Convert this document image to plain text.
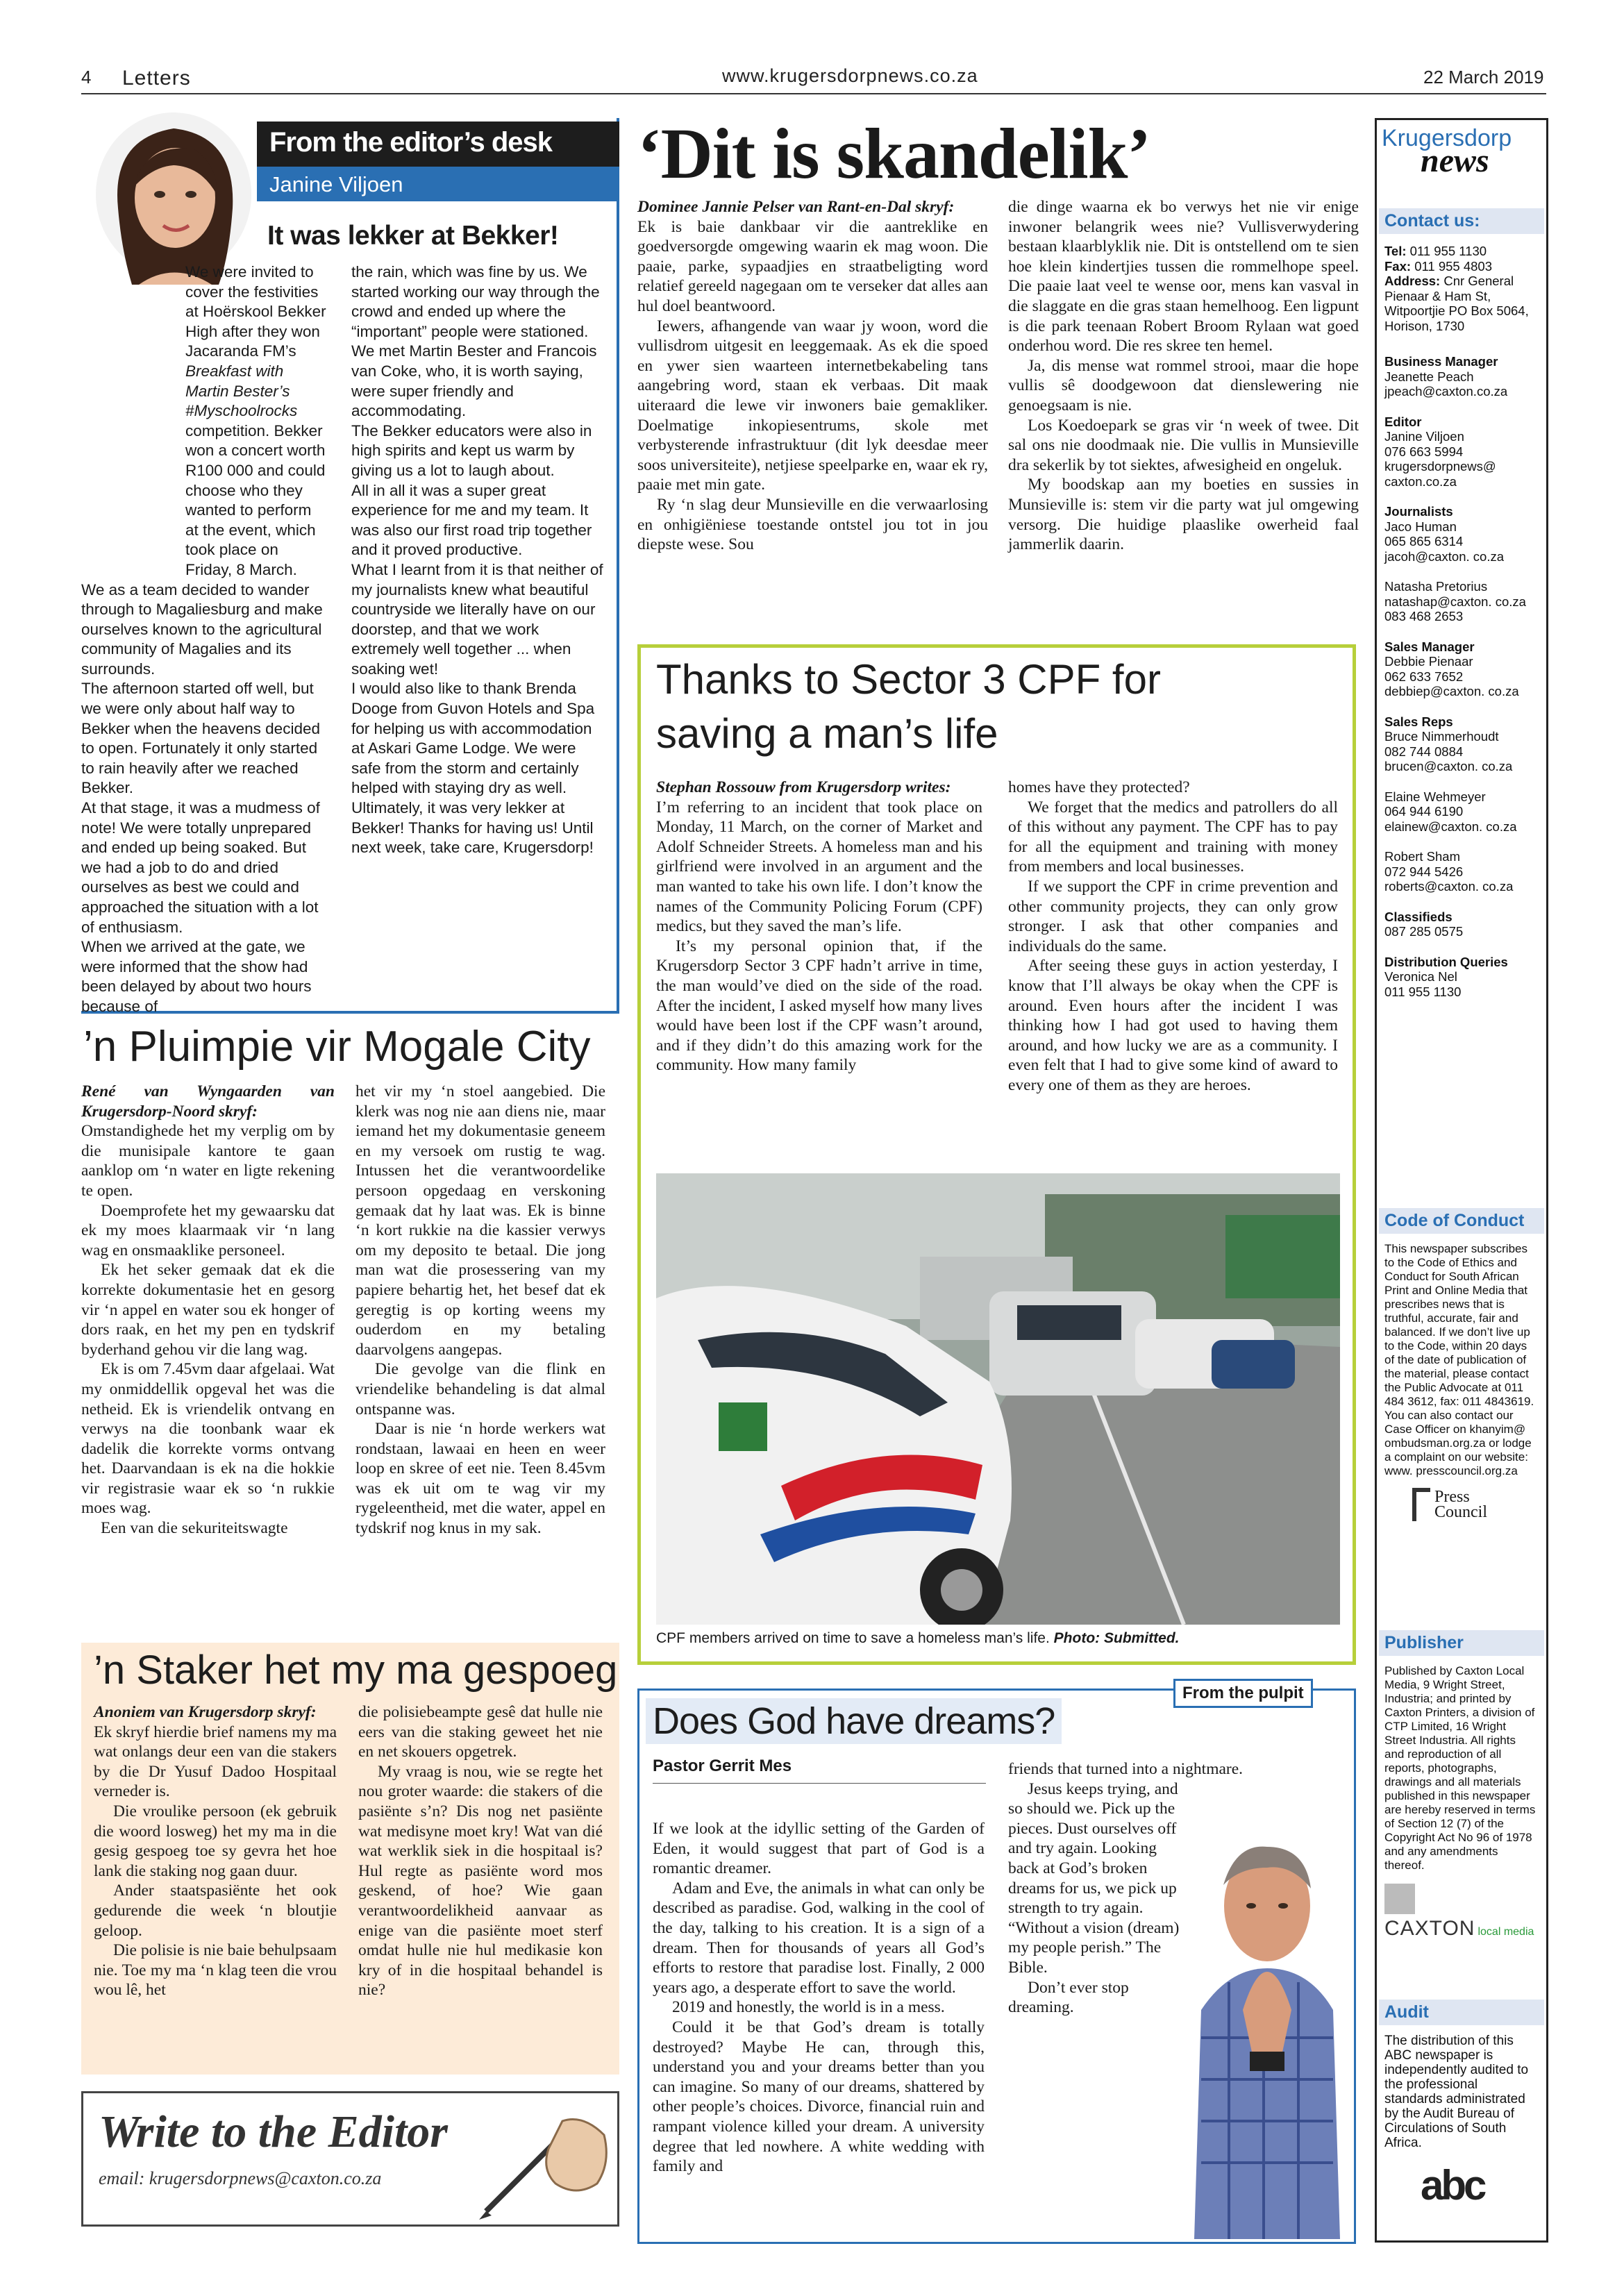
4 Letters	www.krugersdorpnews.co.za	22 March 2019
From the editor’s desk
Janine Viljoen
It was lekker at Bekker!

We were invited to cover the festivities at Hoërskool Bekker High after they won Jacaranda FM’s Breakfast with Martin Bester’s #Myschoolrocks competition. Bekker won a concert worth R100 000 and could choose who they wanted to perform at the event, which took place on Friday, 8 March.

We as a team decided to wander through to Magaliesburg and make ourselves known to the agricultural community of Magalies and its surrounds.

The afternoon started off well, but we were only about half way to Bekker when the heavens decided to open. Fortunately it only started to rain heavily after we reached Bekker.

At that stage, it was a mudmess of note! We were totally unprepared and ended up being soaked. But we had a job to do and dried ourselves as best we could and approached the situation with a lot of enthusiasm.

When we arrived at the gate, we were informed that the show had been delayed by about two hours because of

the rain, which was fine by us. We started working our way through the crowd and ended up where the “important” people were stationed. We met Martin Bester and Francois van Coke, who, it is worth saying, were super friendly and accommodating.

The Bekker educators were also in high spirits and kept us warm by giving us a lot to laugh about.

All in all it was a super great experience for me and my team. It was also our first road trip together and it proved productive.

What I learnt from it is that neither of my journalists knew what beautiful countryside we literally have on our doorstep, and that we work extremely well together ... when soaking wet!

I would also like to thank Brenda Dooge from Guvon Hotels and Spa for helping us with accommodation at Askari Game Lodge. We were safe from the storm and certainly helped with staying dry as well.

Ultimately, it was very lekker at Bekker! Thanks for having us! Until next week, take care, Krugersdorp!

‘Dit is skandelik’

Dominee Jannie Pelser van Rant-en-Dal skryf:

Ek is baie dankbaar vir die aantreklike en goedversorgde omgewing waarin ek mag woon. Die paaie, parke, sypaadjies en straatbeligting word relatief gereeld nagegaan om te verseker dat alles aan hul doel beantwoord.

Iewers, afhangende van waar jy woon, word die vullisdrom uitgesit en leeggemaak. As ek die spoed en ywer sien waarteen internetbekabeling tans aangebring word, staan ek verbaas. Dit maak uiteraard die lewe vir inwoners baie gemakliker. Doelmatige inkopiesentrums, skole met verbysterende infrastruktuur (dit lyk deesdae meer soos universiteite), netjiese speelparke en, waar ek ry, paaie met min gate.

Ry ‘n slag deur Munsieville en die verwaarlosing en onhigiëniese toestande ontstel jou tot in jou diepste wese. Sou

die dinge waarna ek bo verwys het nie vir enige inwoner belangrik wees nie? Vullisverwydering bestaan klaarblyklik nie. Dit is ontstellend om te sien hoe klein kindertjies tussen die rommelhope speel. Die paaie laat veel te wense oor, mens kan vasval in die slaggate en die gras staan hemelhoog. Een ligpunt is die park teenaan Robert Broom Rylaan wat goed onderhou word. Die res skree ten hemel.

Ja, dis mense wat rommel strooi, maar die hope vullis sê doodgewoon dat dienslewering nie genoegsaam is nie.

Los Koedoepark se gras vir ‘n week of twee. Dit sal ons nie doodmaak nie. Die vullis in Munsieville dra sekerlik by tot siektes, afwesigheid en ongeluk.

My boodskap aan my boeties en sussies in Munsieville is: stem vir die party wat jul omgewing versorg. Die huidige plaaslike owerheid faal jammerlik daarin.

Thanks to Sector 3 CPF for saving a man’s life

Stephan Rossouw from Krugersdorp writes:

I’m referring to an incident that took place on Monday, 11 March, on the corner of Market and Adolf Schneider Streets. A homeless man and his girlfriend were involved in an argument and the man wanted to take his own life. I don’t know the names of the Community Policing Forum (CPF) medics, but they saved the man’s life.

It’s my personal opinion that, if the Krugersdorp Sector 3 CPF hadn’t arrive in time, the man would’ve died on the side of the road. After the incident, I asked myself how many lives would have been lost if the CPF wasn’t around, and if they didn’t do this amazing work for the community. How many family

homes have they protected?

We forget that the medics and patrollers do all of this without any payment. The CPF has to pay for all the equipment and training with money from members and local businesses.

If we support the CPF in crime prevention and other community projects, they can only grow stronger. I ask that other companies and individuals do the same.

After seeing these guys in action yesterday, I know that I’ll always be okay when the CPF is around. Even hours after the incident I was thinking how I had got used to having them around, and how lucky we are as a community. I even felt that I had to give some kind of award to every one of them as they are heroes.

CPF members arrived on time to save a homeless man’s life. Photo: Submitted.
’n Pluimpie vir Mogale City

René van Wyngaarden van Krugersdorp-Noord skryf:

Omstandighede het my verplig om by die munisipale kantore te gaan aanklop om ‘n water en ligte rekening te open.

Doemprofete het my gewaarsku dat ek my moes klaarmaak vir ‘n lang wag en onsmaaklike personeel.

Ek het seker gemaak dat ek die korrekte dokumentasie het en gesorg vir ‘n appel en water sou ek honger of dors raak, en het my pen en tydskrif byderhand gehou vir die lang wag.

Ek is om 7.45vm daar afgelaai. Wat my onmiddellik opgeval het was die netheid. Ek is vriendelik ontvang en verwys na die toonbank waar ek dadelik die korrekte vorms ontvang het. Daarvandaan is ek na die hokkie vir registrasie waar ek so ‘n rukkie moes wag.

Een van die sekuriteitswagte

het vir my ‘n stoel aangebied. Die klerk was nog nie aan diens nie, maar iemand het my dokumentasie geneem en my versoek om rustig te wag. Intussen het die verantwoordelike persoon opgedaag en verskoning gemaak dat hy laat was. Ek is binne ‘n kort rukkie na die kassier verwys om my deposito te betaal. Die jong man wat die prosessering van my papiere behartig het, het besef dat ek geregtig is op korting weens my ouderdom en my betaling daarvolgens aangepas.

Die gevolge van die flink en vriendelike behandeling is dat almal ontspanne was.

Daar is nie ‘n horde werkers wat rondstaan, lawaai en heen en weer loop en skree of eet nie. Teen 8.45vm was ek uit om te wag vir my rygeleentheid, met die water, appel en tydskrif nog knus in my sak.

’n Staker het my ma gespoeg

Anoniem van Krugersdorp skryf:

Ek skryf hierdie brief namens my ma wat onlangs deur een van die stakers by die Dr Yusuf Dadoo Hospitaal verneder is.

Die vroulike persoon (ek gebruik die woord losweg) het my ma in die gesig gespoeg toe sy gevra het hoe lank die staking nog gaan duur.

Ander staatspasiënte het ook gedurende die week ‘n bloutjie geloop.

Die polisie is nie baie behulpsaam nie. Toe my ma ‘n klag teen die vrou wou lê, het

die polisiebeampte gesê dat hulle nie eers van die staking geweet het nie en net skouers opgetrek.

My vraag is nou, wie se regte het nou groter waarde: die stakers of die pasiënte s’n? Dis nog net pasiënte wat medisyne moet kry! Wat van dié wat werklik siek in die hospitaal is? Hul regte as pasiënte word mos geskend, of hoe? Wie gaan verantwoordelikheid aanvaar as enige van die pasiënte moet sterf omdat hulle nie hul medikasie kon kry of in die hospitaal behandel is nie?

Write to the Editor
email: krugersdorpnews@caxton.co.za
From the pulpit
Does God have dreams?
Pastor Gerrit Mes

If we look at the idyllic setting of the Garden of Eden, it would suggest that part of God is a romantic dreamer.

Adam and Eve, the animals in what can only be described as paradise. God, walking in the cool of the day, talking to his creation. It is a sign of a dream. Then for thousands of years all God’s efforts to restore that paradise lost. Finally, 2 000 years ago, a desperate effort to save the world.

2019 and honestly, the world is in a mess.

Could it be that God’s dream is totally destroyed? Maybe He can, through this, understand you and your dreams better than you can imagine. So many of our dreams, shattered by other people’s choices. Divorce, financial ruin and rampant violence killed your dream. A university degree that led nowhere. A white wedding with family and

friends that turned into a nightmare.

Jesus keeps trying, and so should we. Pick up the pieces. Dust ourselves off and try again. Looking back at God’s broken dreams for us, we pick up strength to try again. “Without a vision (dream) my people perish.” The Bible.

Don’t ever stop dreaming.

Krugersdorp
news
Contact us:

Tel: 011 955 1130

Fax: 011 955 4803

Address: Cnr General Pienaar & Ham St, Witpoortjie PO Box 5064, Horison, 1730

Business Manager

Jeanette Peach

jpeach@caxton.co.za

Editor

Janine Viljoen

076 663 5994

krugersdorpnews@ caxton.co.za

Journalists

Jaco Human

065 865 6314

jacoh@caxton. co.za

Natasha Pretorius

natashap@caxton. co.za

083 468 2653

Sales Manager

Debbie Pienaar

062 633 7652

debbiep@caxton. co.za

Sales Reps

Bruce Nimmerhoudt

082 744 0884

brucen@caxton. co.za

Elaine Wehmeyer

064 944 6190

elainew@caxton. co.za

Robert Sham

072 944 5426

roberts@caxton. co.za

Classifieds

087 285 0575

Distribution Queries

Veronica Nel

011 955 1130

Code of Conduct
This newspaper subscribes to the Code of Ethics and Conduct for South African Print and Online Media that prescribes news that is truthful, accurate, fair and balanced. If we don’t live up to the Code, within 20 days of the date of publication of the material, please contact the Public Advocate at 011 484 3612, fax: 011 4843619. You can also contact our Case Officer on khanyim@ ombudsman.org.za or lodge a complaint on our website: www. presscouncil.org.za
Press
Council
Publisher
Published by Caxton Local Media, 9 Wright Street, Industria; and printed by Caxton Printers, a division of CTP Limited, 16 Wright Street Industria. All rights and reproduction of all reports, photographs, drawings and all materials published in this newspaper are hereby reserved in terms of Section 12 (7) of the Copyright Act No 96 of 1978 and any amendments thereof.
CAXTON local media
Audit
The distribution of this ABC newspaper is independently audited to the professional standards administrated by the Audit Bureau of Circulations of South Africa.
abc
